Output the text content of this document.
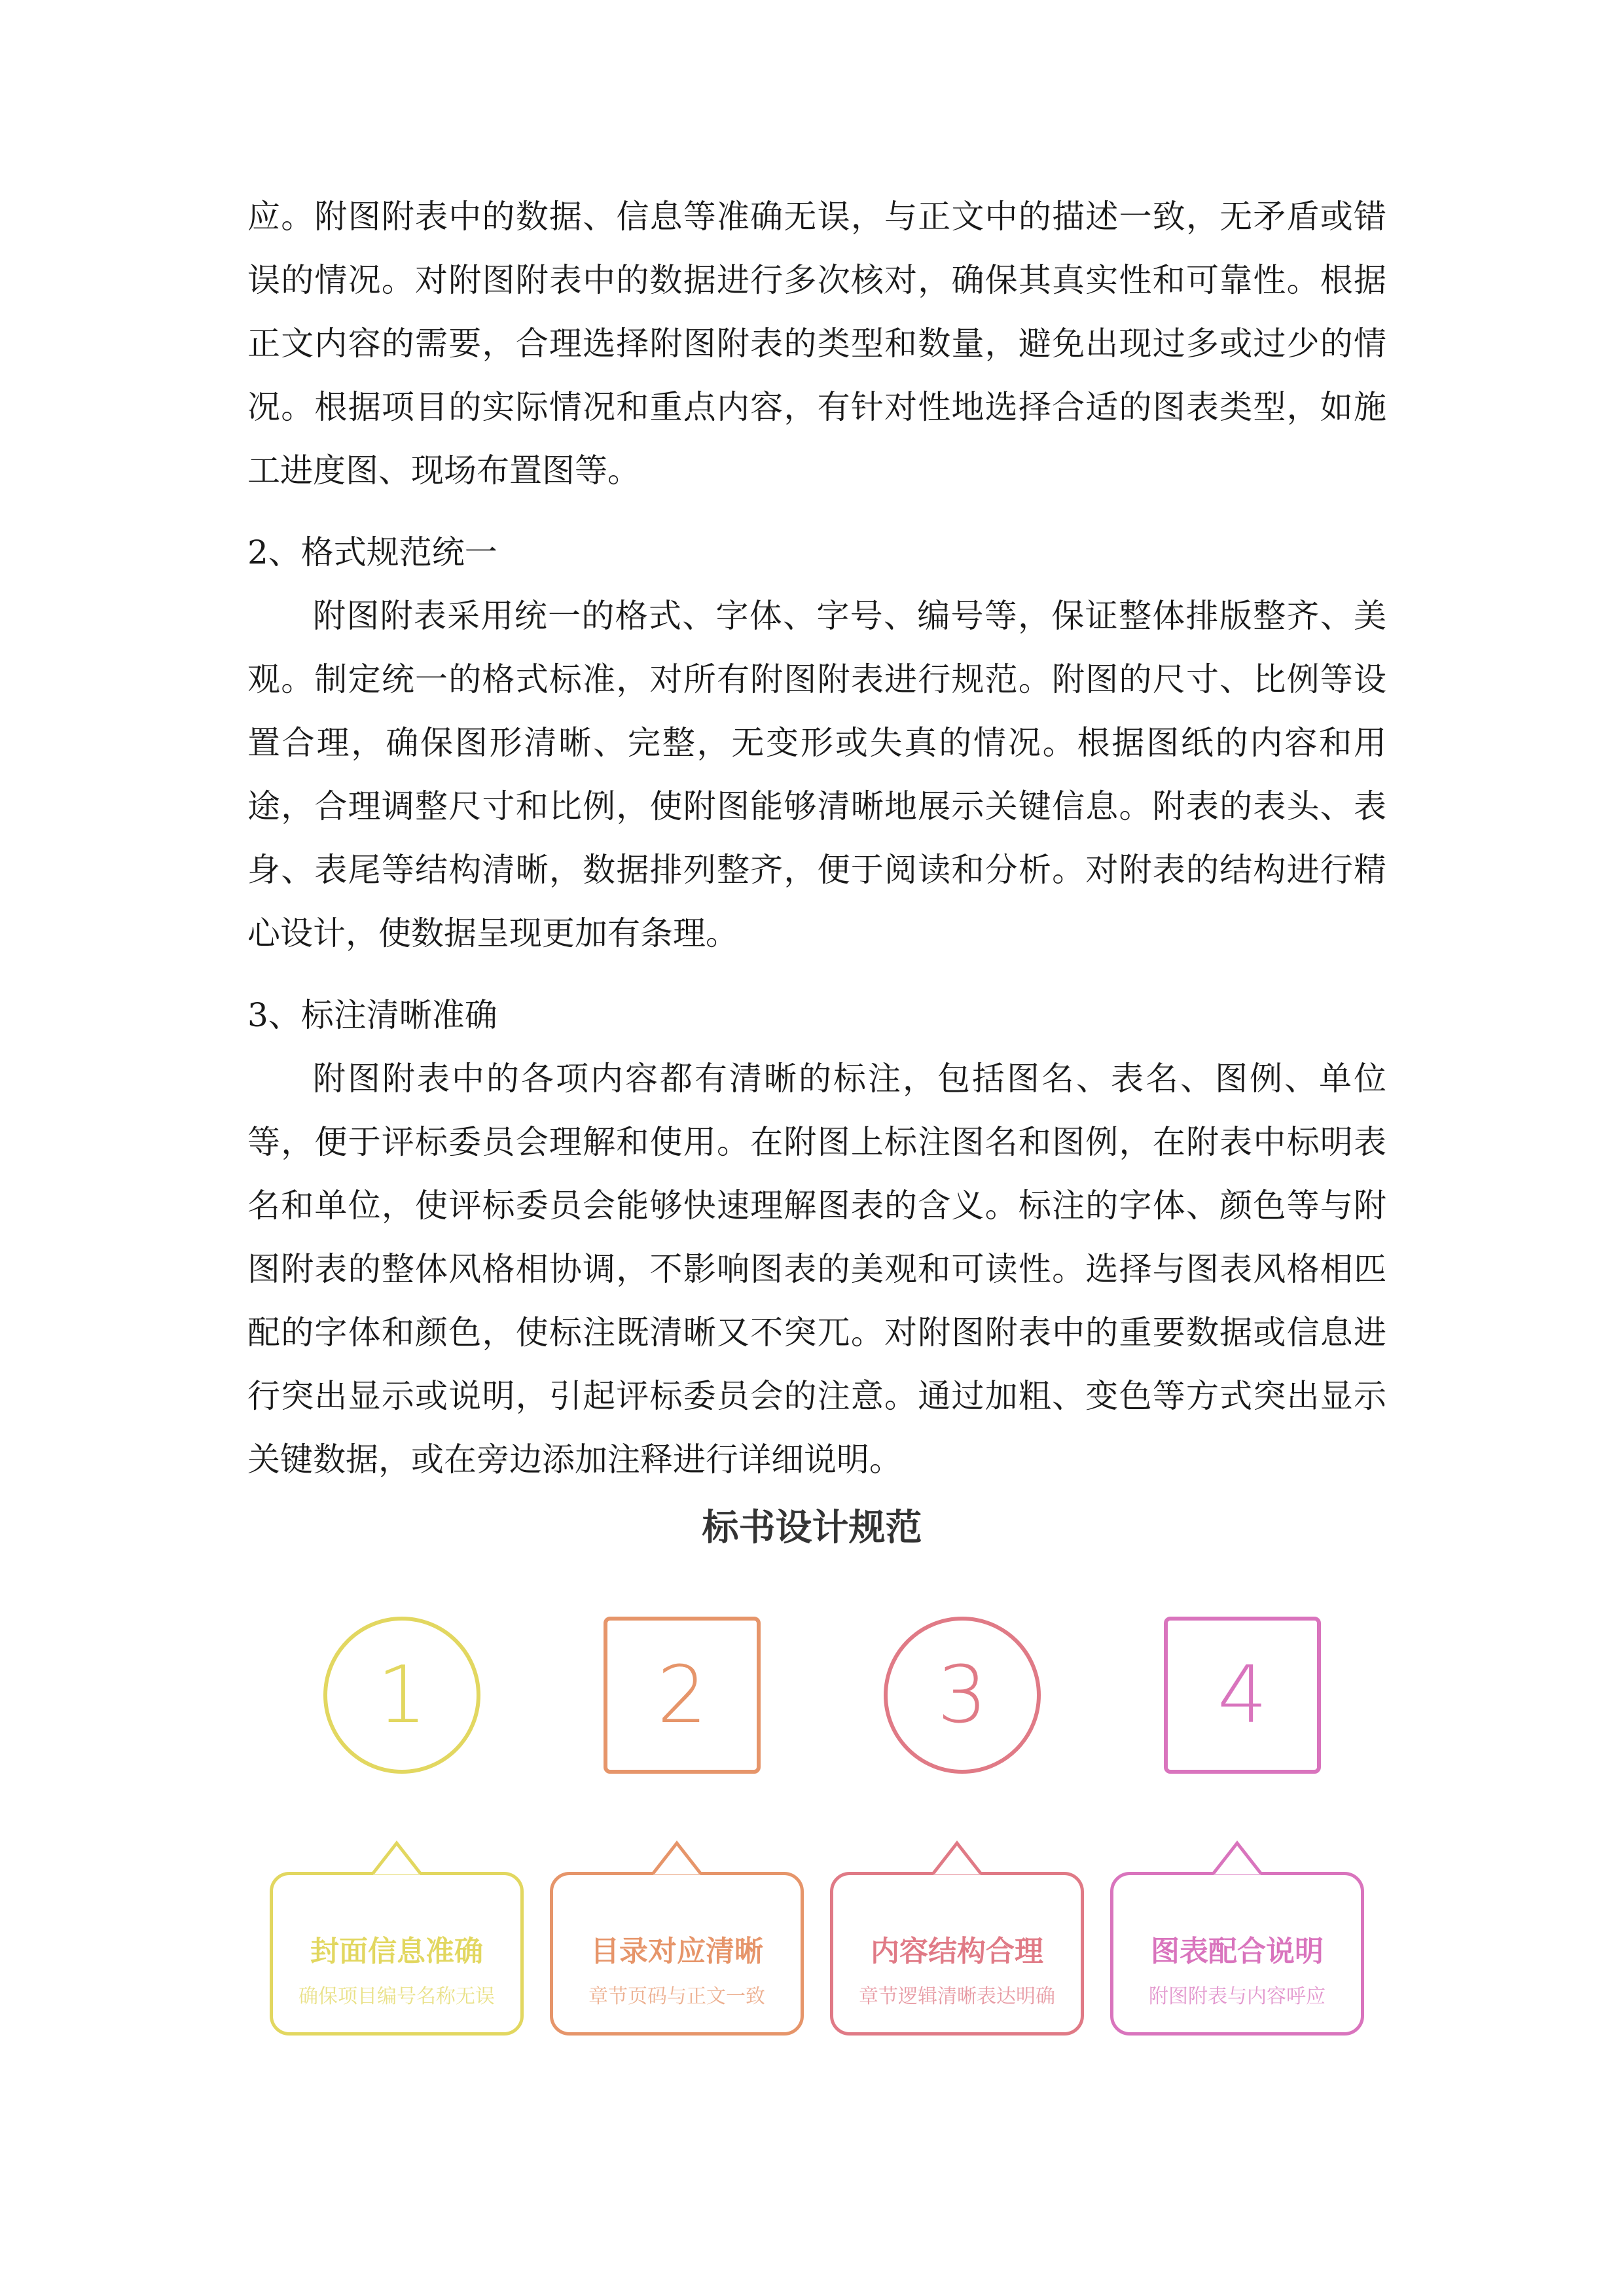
应。附图附表中的数据、信息等准确无误，与正文中的描述一致，无矛盾或错误的情况。对附图附表中的数据进行多次核对，确保其真实性和可靠性。根据正文内容的需要，合理选择附图附表的类型和数量，避免出现过多或过少的情况。根据项目的实际情况和重点内容，有针对性地选择合适的图表类型，如施工进度图、现场布置图等。

2、格式规范统一

附图附表采用统一的格式、字体、字号、编号等，保证整体排版整齐、美观。制定统一的格式标准，对所有附图附表进行规范。附图的尺寸、比例等设置合理，确保图形清晰、完整，无变形或失真的情况。根据图纸的内容和用途，合理调整尺寸和比例，使附图能够清晰地展示关键信息。附表的表头、表身、表尾等结构清晰，数据排列整齐，便于阅读和分析。对附表的结构进行精心设计，使数据呈现更加有条理。

3、标注清晰准确

附图附表中的各项内容都有清晰的标注，包括图名、表名、图例、单位等，便于评标委员会理解和使用。在附图上标注图名和图例，在附表中标明表名和单位，使评标委员会能够快速理解图表的含义。标注的字体、颜色等与附图附表的整体风格相协调，不影响图表的美观和可读性。选择与图表风格相匹配的字体和颜色，使标注既清晰又不突兀。对附图附表中的重要数据或信息进行突出显示或说明，引起评标委员会的注意。通过加粗、变色等方式突出显示关键数据，或在旁边添加注释进行详细说明。

标书设计规范
1
封面信息准确
确保项目编号名称无误
2
目录对应清晰
章节页码与正文一致
3
内容结构合理
章节逻辑清晰表达明确
4
图表配合说明
附图附表与内容呼应
